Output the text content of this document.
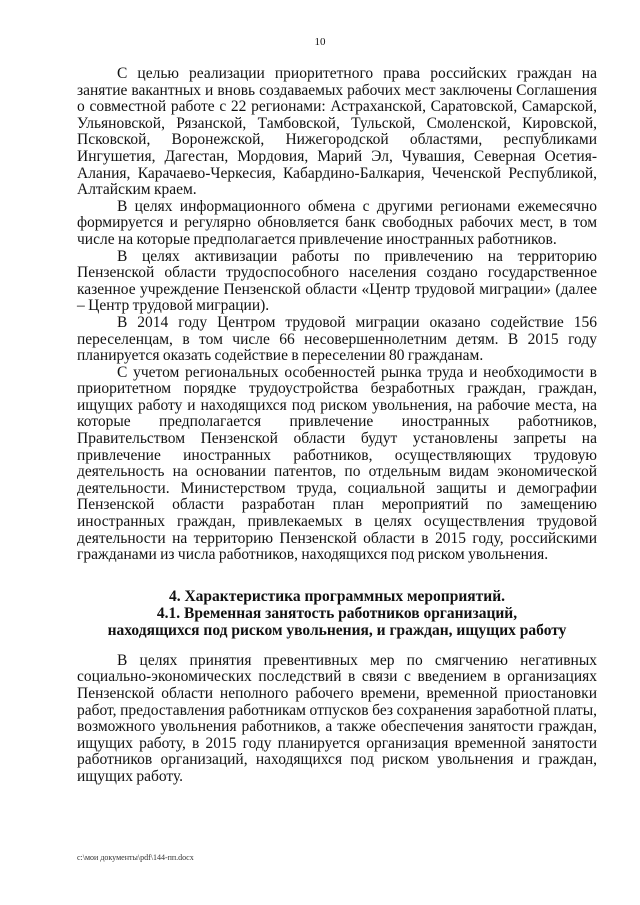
10

С целью реализации приоритетного права российских граждан на занятие вакантных и вновь создаваемых рабочих мест заключены Соглашения о совместной работе с 22 регионами: Астраханской, Саратовской, Самарской, Ульяновской, Рязанской, Тамбовской, Тульской, Смоленской, Кировской, Псковской, Воронежской, Нижегородской областями, республиками Ингушетия, Дагестан, Мордовия, Марий Эл, Чувашия, Северная Осетия-Алания, Карачаево-Черкесия, Кабардино-Балкария, Чеченской Республикой, Алтайским краем.

В целях информационного обмена с другими регионами ежемесячно формируется и регулярно обновляется банк свободных рабочих мест, в том числе на которые предполагается привлечение иностранных работников.

В целях активизации работы по привлечению на территорию Пензенской области трудоспособного населения создано государственное казенное учреждение Пензенской области «Центр трудовой миграции» (далее – Центр трудовой миграции).

В 2014 году Центром трудовой миграции оказано содействие 156 переселенцам, в том числе 66 несовершеннолетним детям. В 2015 году планируется оказать содействие в переселении 80 гражданам.

С учетом региональных особенностей рынка труда и необходимости в приоритетном порядке трудоустройства безработных граждан, граждан, ищущих работу и находящихся под риском увольнения, на рабочие места, на которые предполагается привлечение иностранных работников, Правительством Пензенской области будут установлены запреты на привлечение иностранных работников, осуществляющих трудовую деятельность на основании патентов, по отдельным видам экономической деятельности. Министерством труда, социальной защиты и демографии Пензенской области разработан план мероприятий по замещению иностранных граждан, привлекаемых в целях осуществления трудовой деятельности на территорию Пензенской области в 2015 году, российскими гражданами из числа работников, находящихся под риском увольнения.

4. Характеристика программных мероприятий.
4.1. Временная занятость работников организаций,
находящихся под риском увольнения, и граждан, ищущих работу

В целях принятия превентивных мер по смягчению негативных социально-экономических последствий в связи с введением в организациях Пензенской области неполного рабочего времени, временной приостановки работ, предоставления работникам отпусков без сохранения заработной платы, возможного увольнения работников, а также обеспечения занятости граждан, ищущих работу, в 2015 году планируется организация временной занятости работников организаций, находящихся под риском увольнения и граждан, ищущих работу.

c:\мои документы\pdf\144-пп.docx
